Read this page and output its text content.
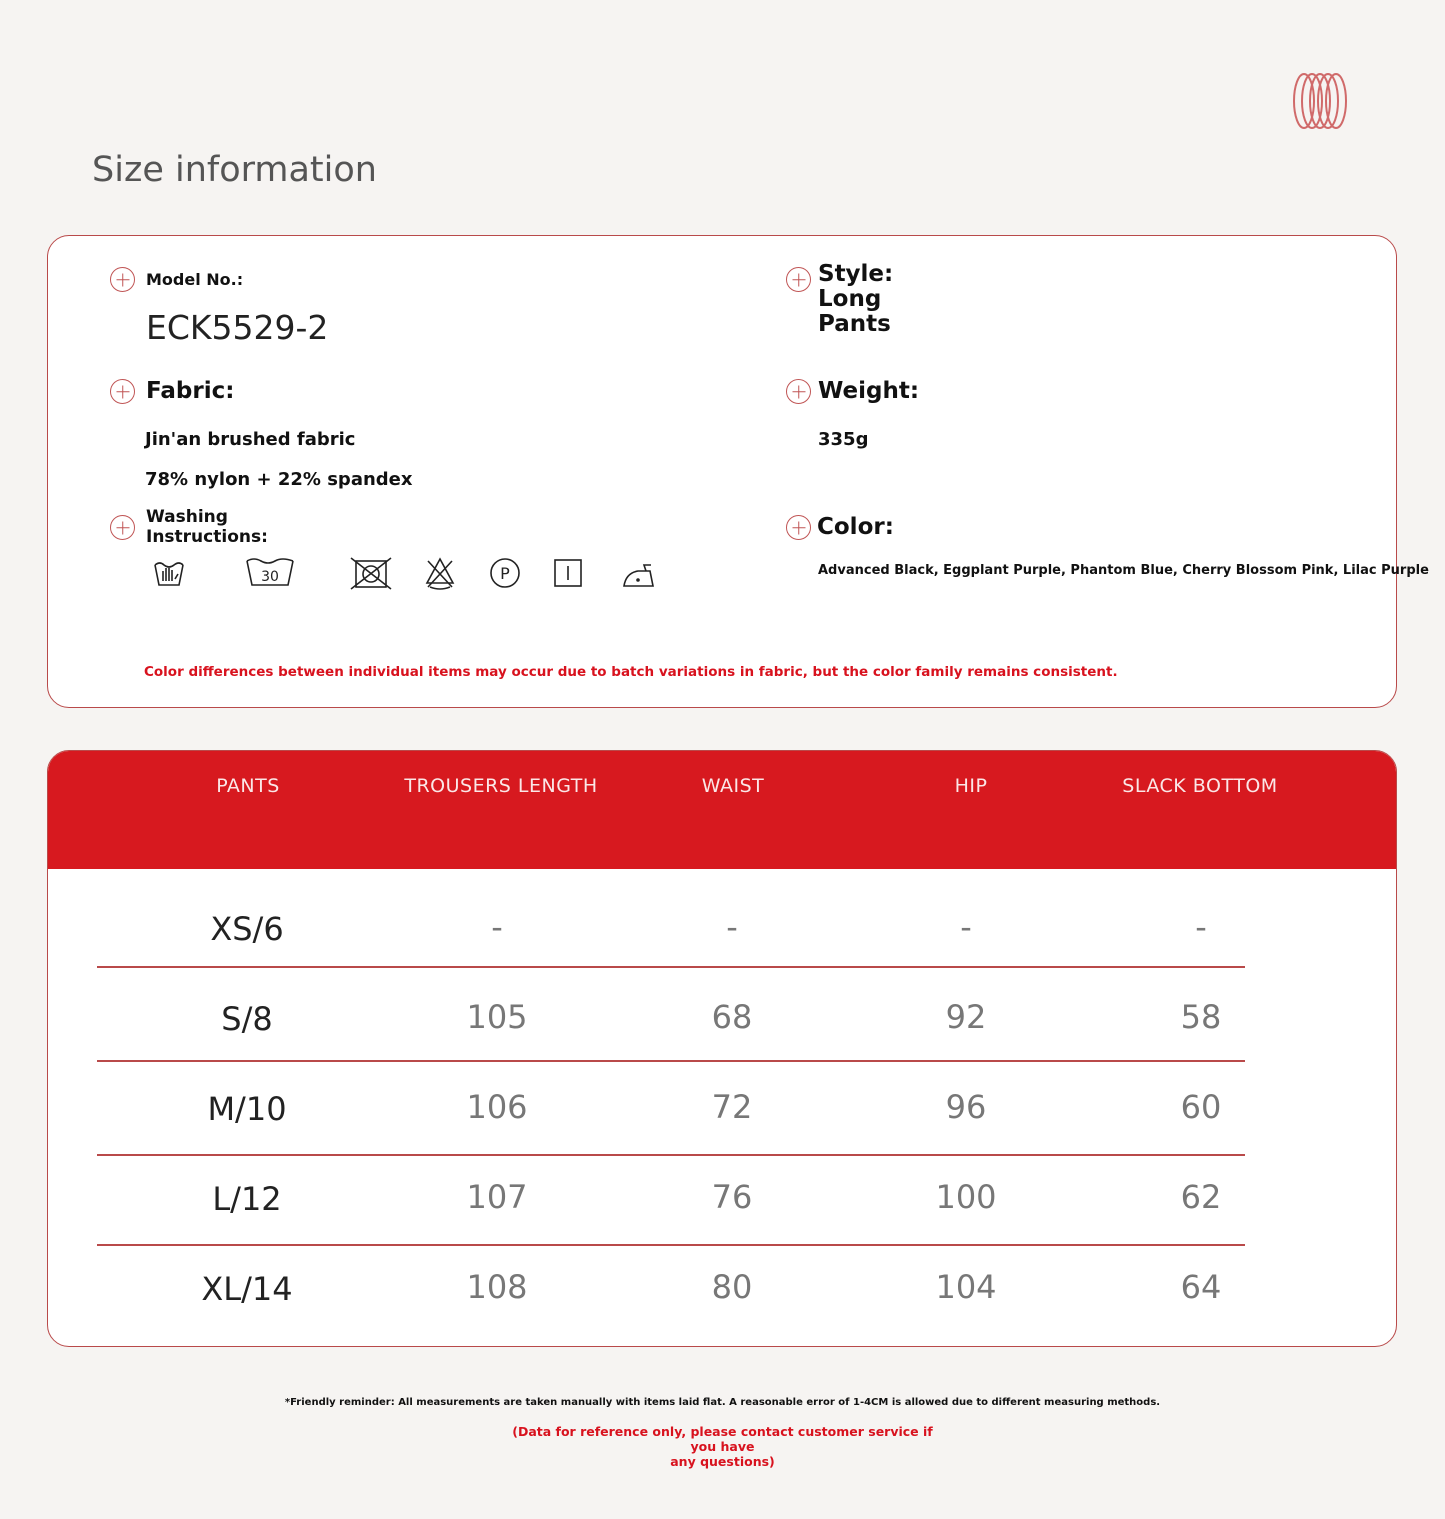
Size information
Model No.:
ECK5529-2
Style:
Long
Pants
Fabric:
Jin'an brushed fabric
78% nylon + 22% spandex
Weight:
335g
Washing
Instructions:
30	P
Color:
Advanced Black, Eggplant Purple, Phantom Blue, Cherry Blossom Pink, Lilac Purple
Color differences between individual items may occur due to batch variations in fabric, but the color family remains consistent.
PANTS	TROUSERS LENGTH	WAIST	HIP	SLACK BOTTOM
XS/6	-	-	-	-
S/8	105	68	92	58
M/10	106	72	96	60
L/12	107	76	100	62
XL/14	108	80	104	64

*Friendly reminder: All measurements are taken manually with items laid flat. A reasonable error of 1-4CM is allowed due to different measuring methods.

(Data for reference only, please contact customer service if you have
any questions)
